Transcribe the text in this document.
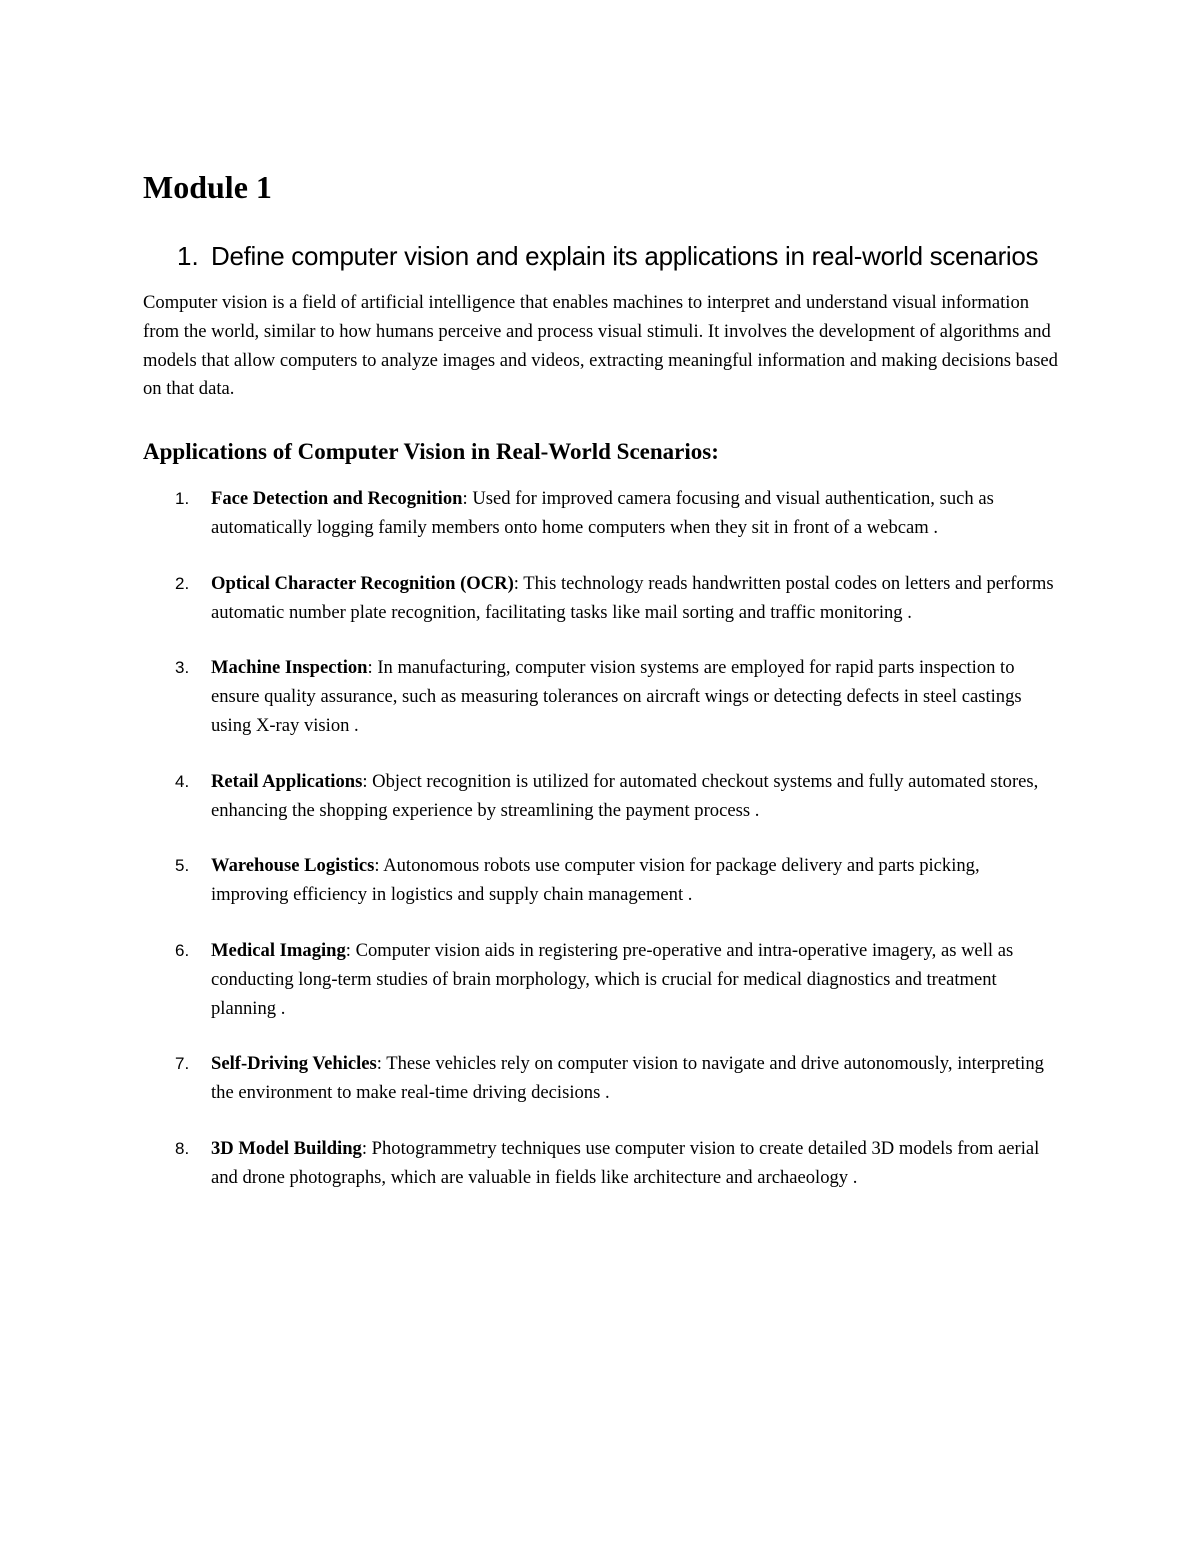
Module 1
1. Define computer vision and explain its applications in real-world scenarios

Computer vision is a field of artificial intelligence that enables machines to interpret and understand visual information from the world, similar to how humans perceive and process visual stimuli. It involves the development of algorithms and models that allow computers to analyze images and videos, extracting meaningful information and making decisions based on that data.

Applications of Computer Vision in Real-World Scenarios:
1.	Face Detection and Recognition: Used for improved camera focusing and visual authentication, such as automatically logging family members onto home computers when they sit in front of a webcam .
2.	Optical Character Recognition (OCR): This technology reads handwritten postal codes on letters and performs automatic number plate recognition, facilitating tasks like mail sorting and traffic monitoring .
3.	Machine Inspection: In manufacturing, computer vision systems are employed for rapid parts inspection to ensure quality assurance, such as measuring tolerances on aircraft wings or detecting defects in steel castings using X-ray vision .
4.	Retail Applications: Object recognition is utilized for automated checkout systems and fully automated stores, enhancing the shopping experience by streamlining the payment process .
5.	Warehouse Logistics: Autonomous robots use computer vision for package delivery and parts picking, improving efficiency in logistics and supply chain management .
6.	Medical Imaging: Computer vision aids in registering pre-operative and intra-operative imagery, as well as conducting long-term studies of brain morphology, which is crucial for medical diagnostics and treatment planning .
7.	Self-Driving Vehicles: These vehicles rely on computer vision to navigate and drive autonomously, interpreting the environment to make real-time driving decisions .
8.	3D Model Building: Photogrammetry techniques use computer vision to create detailed 3D models from aerial and drone photographs, which are valuable in fields like architecture and archaeology .
